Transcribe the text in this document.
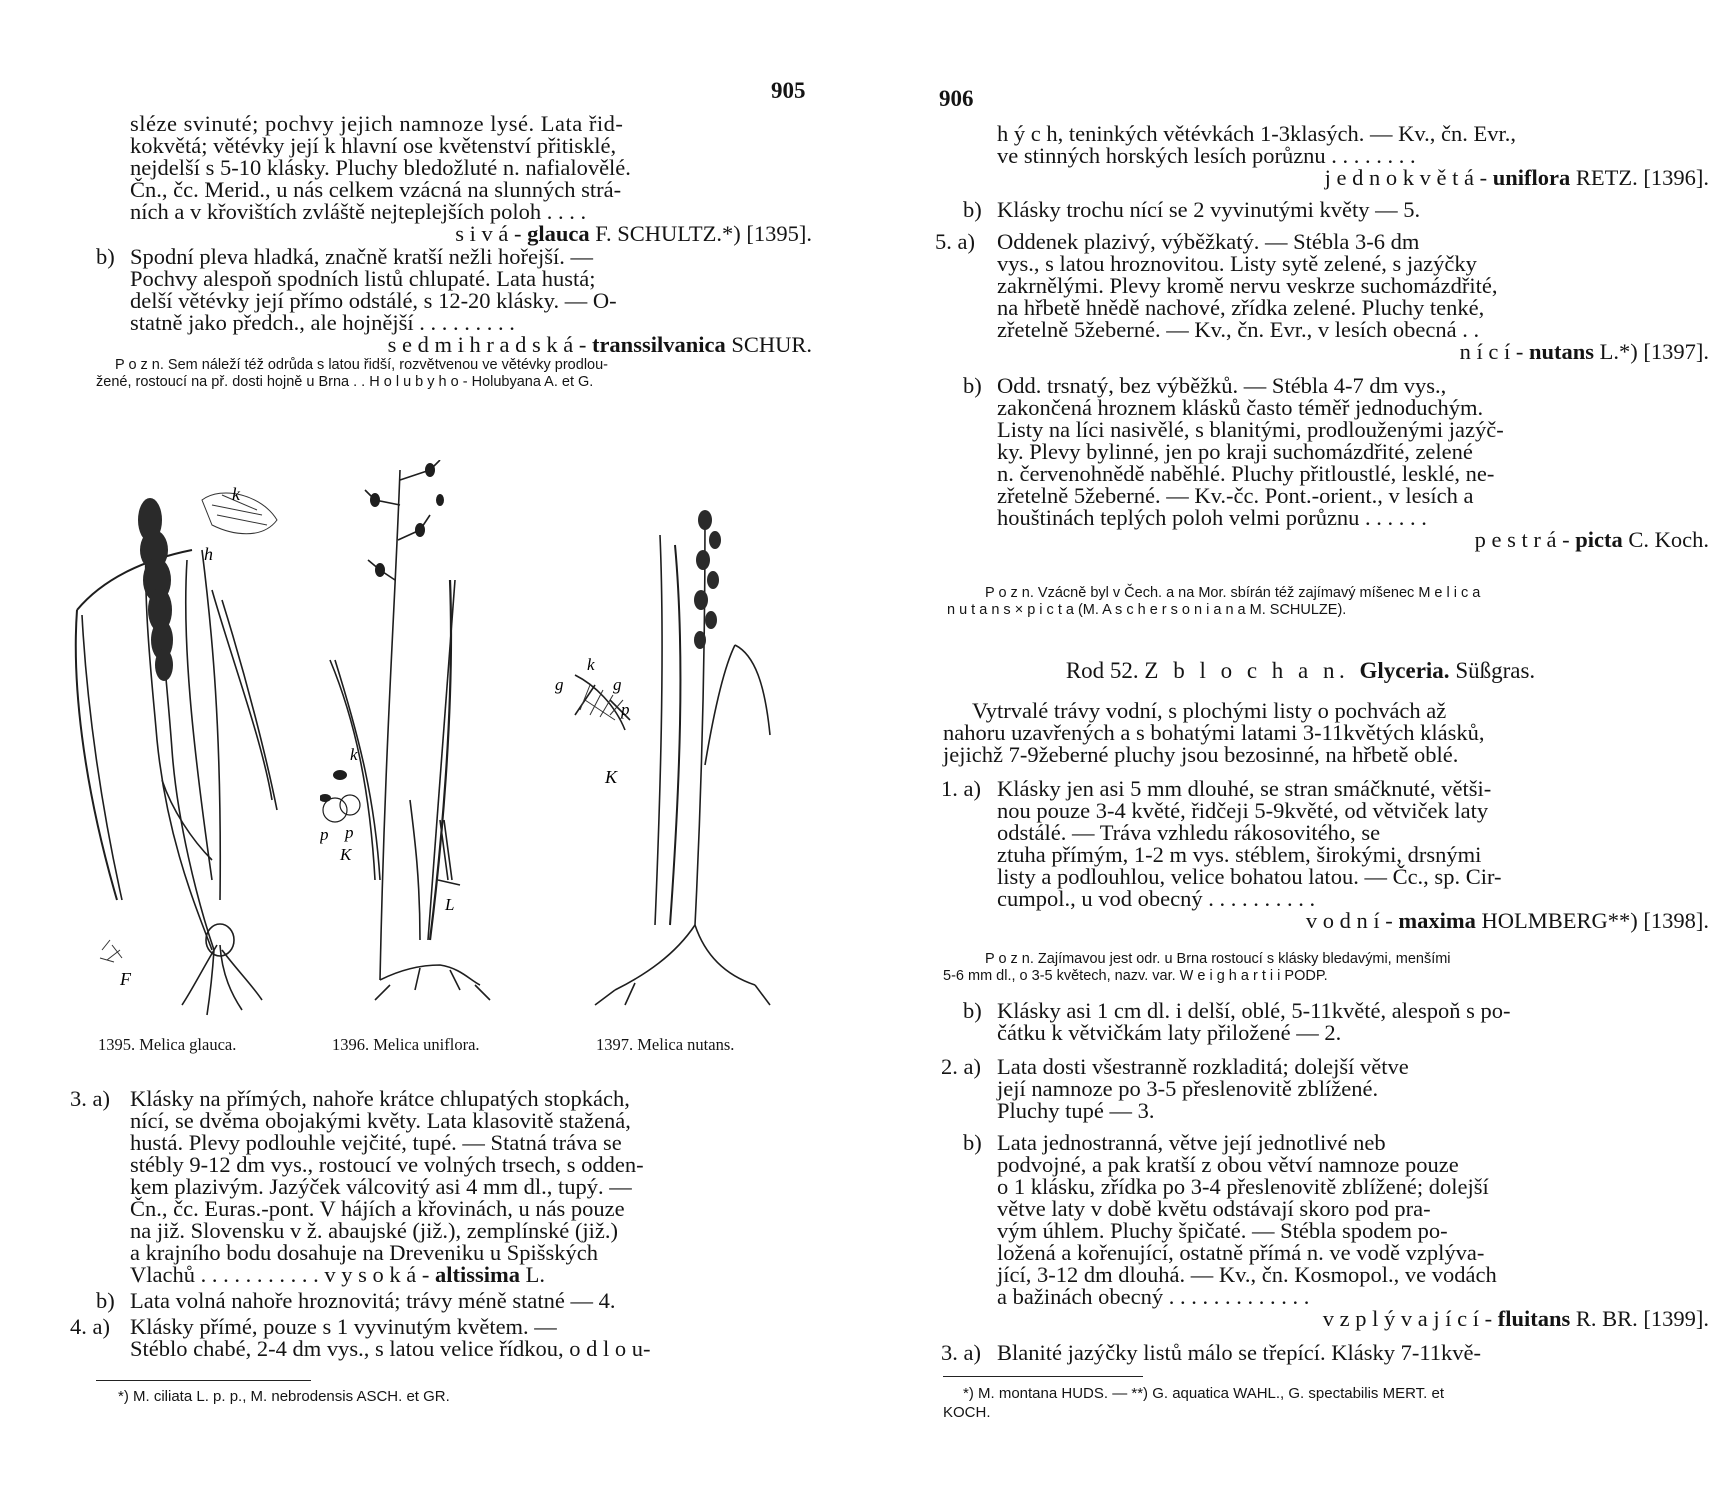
905
sléze svinuté; pochvy jejich namnoze lysé. Lata řid-
kokvětá; větévky její k hlavní ose květenství přitisklé,
nejdelší s 5-10 klásky. Pluchy bledožluté n. nafialovělé.
Čn., čc. Merid., u nás celkem vzácná na slunných strá-
ních a v křovištích zvláště nejteplejších poloh . . . .
s i v á - glauca F. SCHULTZ.*) [1395].
b) Spodní pleva hladká, značně kratší nežli hořejší. —
Pochvy alespoň spodních listů chlupaté. Lata hustá;
delší větévky její přímo odstálé, s 12-20 klásky. — O-
statně jako předch., ale hojnější . . . . . . . . .
s e d m i h r a d s k á - transsilvanica SCHUR.
P o z n. Sem náleží též odrůda s latou řidší, rozvětvenou ve větévky prodlou-
žené, rostoucí na př. dosti hojně u Brna . . H o l u b y h o - Holubyana A. et G.
k
h
F
k
p p
K
L
k
g	g
p
K
1395. Melica glauca.	1396. Melica uniflora.	1397. Melica nutans.
3. a) Klásky na přímých, nahoře krátce chlupatých stopkách,
nící, se dvěma obojakými květy. Lata klasovitě stažená,
hustá. Plevy podlouhle vejčité, tupé. — Statná tráva se
stébly 9-12 dm vys., rostoucí ve volných trsech, s odden-
kem plazivým. Jazýček válcovitý asi 4 mm dl., tupý. —
Čn., čc. Euras.-pont. V hájích a křovinách, u nás pouze
na již. Slovensku v ž. abaujské (již.), zemplínské (již.)
a krajního bodu dosahuje na Dreveniku u Spišských
Vlachů . . . . . . . . . . . v y s o k á - altissima L.
b) Lata volná nahoře hroznovitá; trávy méně statné — 4.
4. a) Klásky přímé, pouze s 1 vyvinutým květem. —
Stéblo chabé, 2-4 dm vys., s latou velice řídkou, o d l o u-
*) M. ciliata L. p. p., M. nebrodensis ASCH. et GR.
906
h ý c h, teninkých větévkách 1-3klasých. — Kv., čn. Evr.,
ve stinných horských lesích porůznu . . . . . . . .
j e d n o k v ě t á - uniflora RETZ. [1396].
b) Klásky trochu nící se 2 vyvinutými květy — 5.
5. a) Oddenek plazivý, výběžkatý. — Stébla 3-6 dm
vys., s latou hroznovitou. Listy sytě zelené, s jazýčky
zakrnělými. Plevy kromě nervu veskrze suchomázdřité,
na hřbetě hnědě nachové, zřídka zelené. Pluchy tenké,
zřetelně 5žeberné. — Kv., čn. Evr., v lesích obecná . .
n í c í - nutans L.*) [1397].
b) Odd. trsnatý, bez výběžků. — Stébla 4-7 dm vys.,
zakončená hroznem klásků často téměř jednoduchým.
Listy na líci nasivělé, s blanitými, prodlouženými jazýč-
ky. Plevy bylinné, jen po kraji suchomázdřité, zelené
n. červenohnědě naběhlé. Pluchy přitloustlé, lesklé, ne-
zřetelně 5žeberné. — Kv.-čc. Pont.-orient., v lesích a
houštinách teplých poloh velmi porůznu . . . . . .
p e s t r á - picta C. Koch.
P o z n. Vzácně byl v Čech. a na Mor. sbírán též zajímavý míšenec M e l i c a
n u t a n s × p i c t a (M. A s c h e r s o n i a n a M. SCHULZE).
Rod 52. Z b l o c h a n. Glyceria. Süßgras.
Vytrvalé trávy vodní, s plochými listy o pochvách až
nahoru uzavřených a s bohatými latami 3-11květých klásků,
jejichž 7-9žeberné pluchy jsou bezosinné, na hřbetě oblé.
1. a) Klásky jen asi 5 mm dlouhé, se stran smáčknuté, větši-
nou pouze 3-4 květé, řidčeji 5-9květé, od větviček laty
odstálé. — Tráva vzhledu rákosovitého, se
ztuha přímým, 1-2 m vys. stéblem, širokými, drsnými
listy a podlouhlou, velice bohatou latou. — Čc., sp. Cir-
cumpol., u vod obecný . . . . . . . . . .
v o d n í - maxima HOLMBERG**) [1398].
P o z n. Zajímavou jest odr. u Brna rostoucí s klásky bledavými, menšími
5-6 mm dl., o 3-5 květech, nazv. var. W e i g h a r t i i PODP.
b) Klásky asi 1 cm dl. i delší, oblé, 5-11květé, alespoň s po-
čátku k větvičkám laty přiložené — 2.
2. a) Lata dosti všestranně rozkladitá; dolejší větve
její namnoze po 3-5 přeslenovitě zblížené.
Pluchy tupé — 3.
b) Lata jednostranná, větve její jednotlivé neb
podvojné, a pak kratší z obou větví namnoze pouze
o 1 klásku, zřídka po 3-4 přeslenovitě zblížené; dolejší
větve laty v době květu odstávají skoro pod pra-
vým úhlem. Pluchy špičaté. — Stébla spodem po-
ložená a kořenující, ostatně přímá n. ve vodě vzplýva-
jící, 3-12 dm dlouhá. — Kv., čn. Kosmopol., ve vodách
a bažinách obecný . . . . . . . . . . . . .
v z p l ý v a j í c í - fluitans R. BR. [1399].
3. a) Blanité jazýčky listů málo se třepící. Klásky 7-11kvě-
*) M. montana HUDS. — **) G. aquatica WAHL., G. spectabilis MERT. et
KOCH.
